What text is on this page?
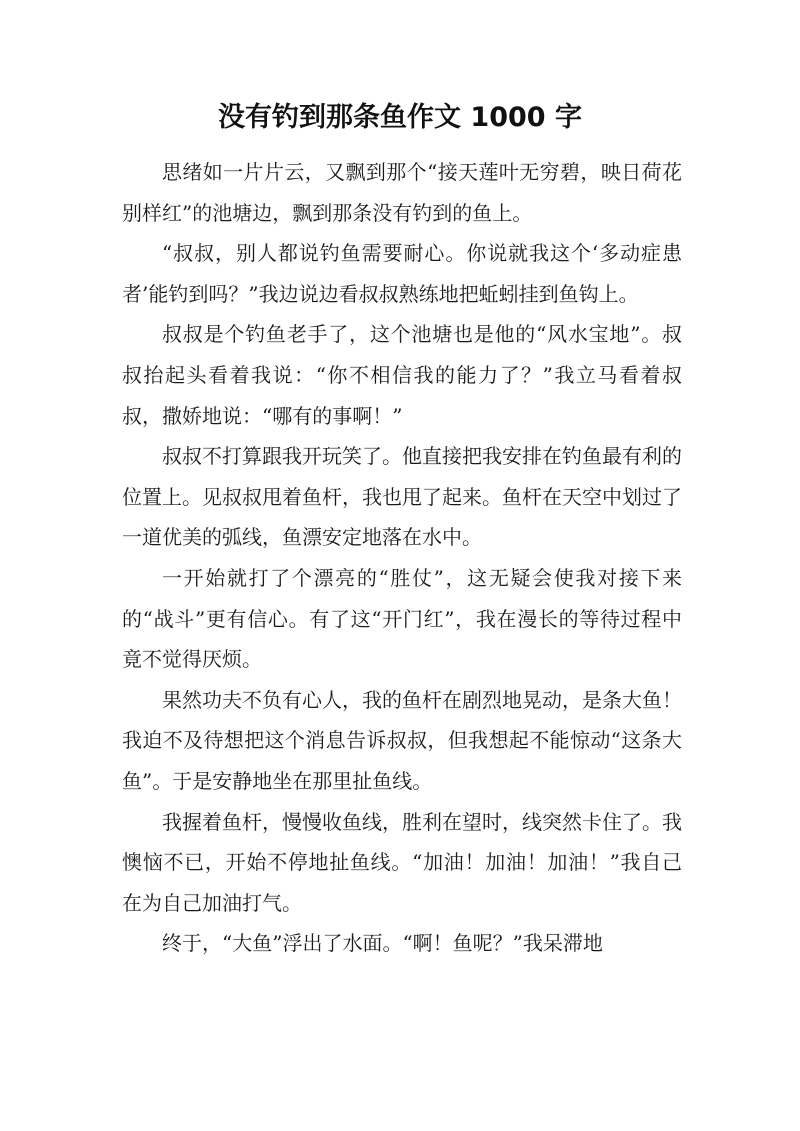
没有钓到那条鱼作文 1000 字

思绪如一片片云，又飘到那个“接天莲叶无穷碧，映日荷花别样红”的池塘边，飘到那条没有钓到的鱼上。

“叔叔，别人都说钓鱼需要耐心。你说就我这个‘多动症患者’能钓到吗？”我边说边看叔叔熟练地把蚯蚓挂到鱼钩上。

叔叔是个钓鱼老手了，这个池塘也是他的“风水宝地”。叔叔抬起头看着我说：“你不相信我的能力了？”我立马看着叔叔，撒娇地说：“哪有的事啊！”

叔叔不打算跟我开玩笑了。他直接把我安排在钓鱼最有利的位置上。见叔叔甩着鱼杆，我也甩了起来。鱼杆在天空中划过了一道优美的弧线，鱼漂安定地落在水中。

一开始就打了个漂亮的“胜仗”，这无疑会使我对接下来的“战斗”更有信心。有了这“开门红”，我在漫长的等待过程中竟不觉得厌烦。

果然功夫不负有心人，我的鱼杆在剧烈地晃动，是条大鱼！我迫不及待想把这个消息告诉叔叔，但我想起不能惊动“这条大鱼”。于是安静地坐在那里扯鱼线。

我握着鱼杆，慢慢收鱼线，胜利在望时，线突然卡住了。我懊恼不已，开始不停地扯鱼线。“加油！加油！加油！”我自己在为自己加油打气。

终于，“大鱼”浮出了水面。“啊！鱼呢？”我呆滞地
